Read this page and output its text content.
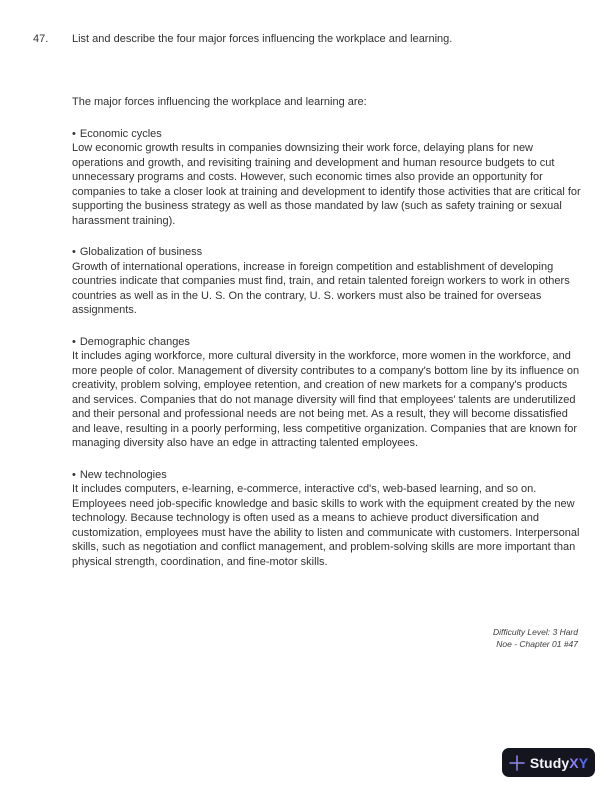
47. List and describe the four major forces influencing the workplace and learning.

The major forces influencing the workplace and learning are:

• Economic cycles

Low economic growth results in companies downsizing their work force, delaying plans for new operations and growth, and revisiting training and development and human resource budgets to cut unnecessary programs and costs. However, such economic times also provide an opportunity for companies to take a closer look at training and development to identify those activities that are critical for supporting the business strategy as well as those mandated by law (such as safety training or sexual harassment training).

• Globalization of business

Growth of international operations, increase in foreign competition and establishment of developing countries indicate that companies must find, train, and retain talented foreign workers to work in others countries as well as in the U. S. On the contrary, U. S. workers must also be trained for overseas assignments.

• Demographic changes

It includes aging workforce, more cultural diversity in the workforce, more women in the workforce, and more people of color. Management of diversity contributes to a company's bottom line by its influence on creativity, problem solving, employee retention, and creation of new markets for a company's products and services. Companies that do not manage diversity will find that employees' talents are underutilized and their personal and professional needs are not being met. As a result, they will become dissatisfied and leave, resulting in a poorly performing, less competitive organization. Companies that are known for managing diversity also have an edge in attracting talented employees.

• New technologies

It includes computers, e-learning, e-commerce, interactive cd's, web-based learning, and so on. Employees need job-specific knowledge and basic skills to work with the equipment created by the new technology. Because technology is often used as a means to achieve product diversification and customization, employees must have the ability to listen and communicate with customers. Interpersonal skills, such as negotiation and conflict management, and problem-solving skills are more important than physical strength, coordination, and fine-motor skills.

Difficulty Level: 3 Hard
Noe - Chapter 01 #47
StudyXY
